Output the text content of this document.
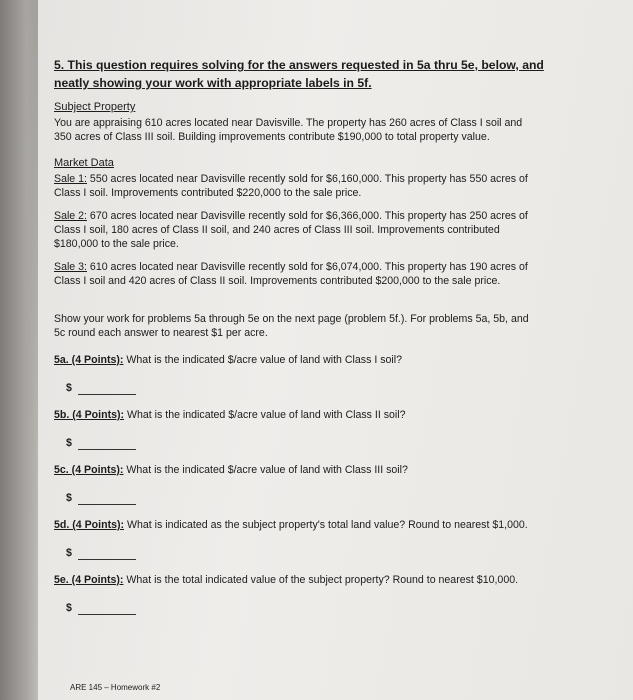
5. This question requires solving for the answers requested in 5a thru 5e, below, and neatly showing your work with appropriate labels in 5f.

Subject Property

You are appraising 610 acres located near Davisville. The property has 260 acres of Class I soil and 350 acres of Class III soil. Building improvements contribute $190,000 to total property value.

Market Data

Sale 1: 550 acres located near Davisville recently sold for $6,160,000. This property has 550 acres of Class I soil. Improvements contributed $220,000 to the sale price.

Sale 2: 670 acres located near Davisville recently sold for $6,366,000. This property has 250 acres of Class I soil, 180 acres of Class II soil, and 240 acres of Class III soil. Improvements contributed $180,000 to the sale price.

Sale 3: 610 acres located near Davisville recently sold for $6,074,000. This property has 190 acres of Class I soil and 420 acres of Class II soil. Improvements contributed $200,000 to the sale price.

Show your work for problems 5a through 5e on the next page (problem 5f.). For problems 5a, 5b, and 5c round each answer to nearest $1 per acre.

5a. (4 Points): What is the indicated $/acre value of land with Class I soil?

$

5b. (4 Points): What is the indicated $/acre value of land with Class II soil?

$

5c. (4 Points): What is the indicated $/acre value of land with Class III soil?

$

5d. (4 Points): What is indicated as the subject property's total land value? Round to nearest $1,000.

$

5e. (4 Points): What is the total indicated value of the subject property? Round to nearest $10,000.

$
ARE 145 – Homework #2
